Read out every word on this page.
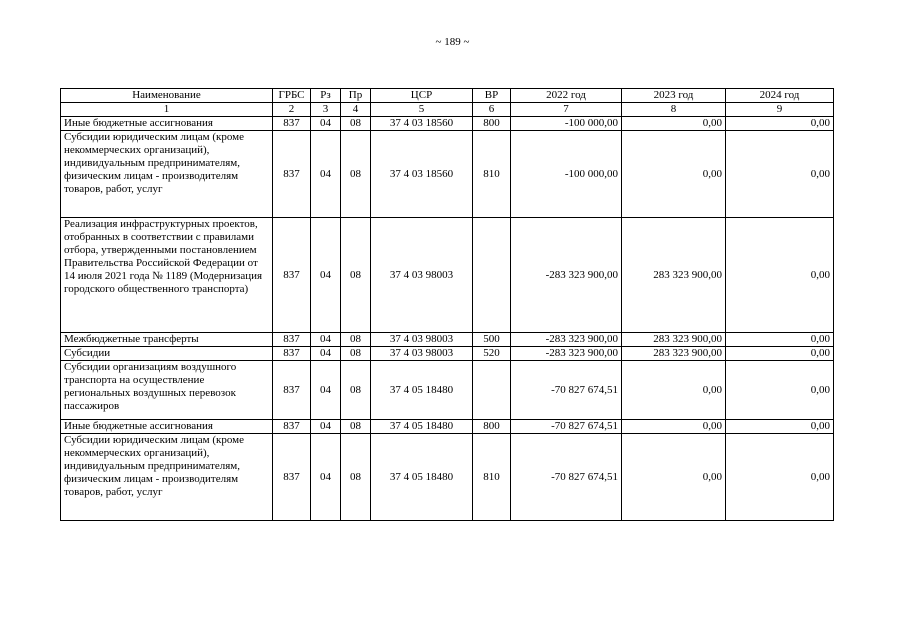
~ 189 ~
Наименование	ГРБС	Рз	Пр	ЦСР	ВР	2022 год	2023 год	2024 год
1	2	3	4	5	6	7	8	9
Иные бюджетные ассигнования	837	04	08	37 4 03 18560	800	-100 000,00	0,00	0,00
Субсидии юридическим лицам (кроме некоммерческих организаций), индивидуальным предпринимателям, физическим лицам - производителям товаров, работ, услуг	837	04	08	37 4 03 18560	810	-100 000,00	0,00	0,00
Реализация инфраструктурных проектов, отобранных в соответствии с правилами отбора, утвержденными постановлением Правительства Российской Федерации от 14 июля 2021 года № 1189 (Модернизация городского общественного транспорта)	837	04	08	37 4 03 98003		-283 323 900,00	283 323 900,00	0,00
Межбюджетные трансферты	837	04	08	37 4 03 98003	500	-283 323 900,00	283 323 900,00	0,00
Субсидии	837	04	08	37 4 03 98003	520	-283 323 900,00	283 323 900,00	0,00
Субсидии организациям воздушного транспорта на осуществление региональных воздушных перевозок пассажиров	837	04	08	37 4 05 18480		-70 827 674,51	0,00	0,00
Иные бюджетные ассигнования	837	04	08	37 4 05 18480	800	-70 827 674,51	0,00	0,00
Субсидии юридическим лицам (кроме некоммерческих организаций), индивидуальным предпринимателям, физическим лицам - производителям товаров, работ, услуг	837	04	08	37 4 05 18480	810	-70 827 674,51	0,00	0,00
